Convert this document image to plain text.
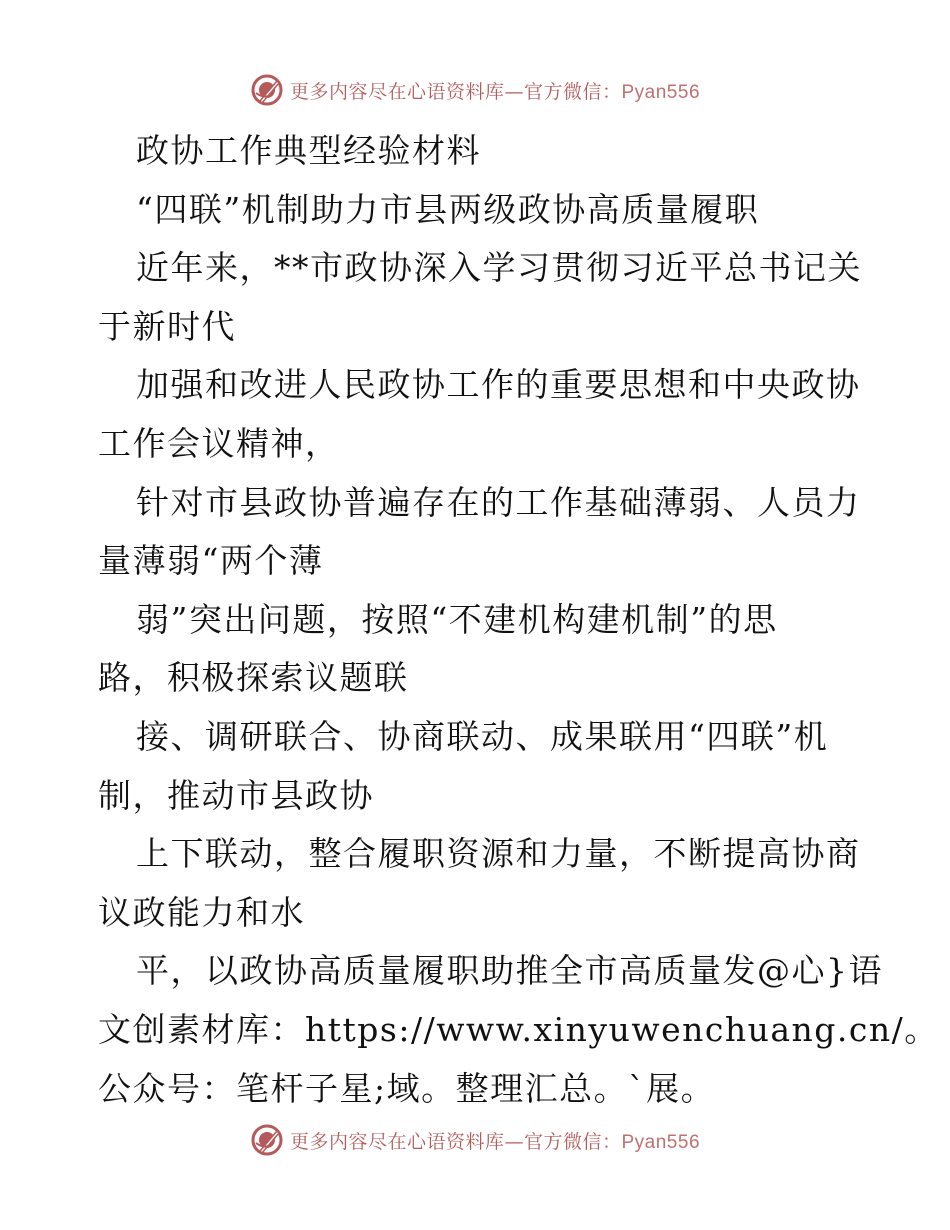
更多内容尽在心语资料库—官方微信：Pyan556
政协工作典型经验材料
“四联”机制助力市县两级政协高质量履职
近年来，**市政协深入学习贯彻习近平总书记关
于新时代
加强和改进人民政协工作的重要思想和中央政协
工作会议精神，
针对市县政协普遍存在的工作基础薄弱、人员力
量薄弱“两个薄
弱”突出问题，按照“不建机构建机制”的思
路，积极探索议题联
接、调研联合、协商联动、成果联用“四联”机
制，推动市县政协
上下联动，整合履职资源和力量，不断提高协商
议政能力和水
平，以政协高质量履职助推全市高质量发@心}语
文创素材库：https://www.xinyuwenchuang.cn/。
公众号：笔杆子星;域。整理汇总。`展。
更多内容尽在心语资料库—官方微信：Pyan556
